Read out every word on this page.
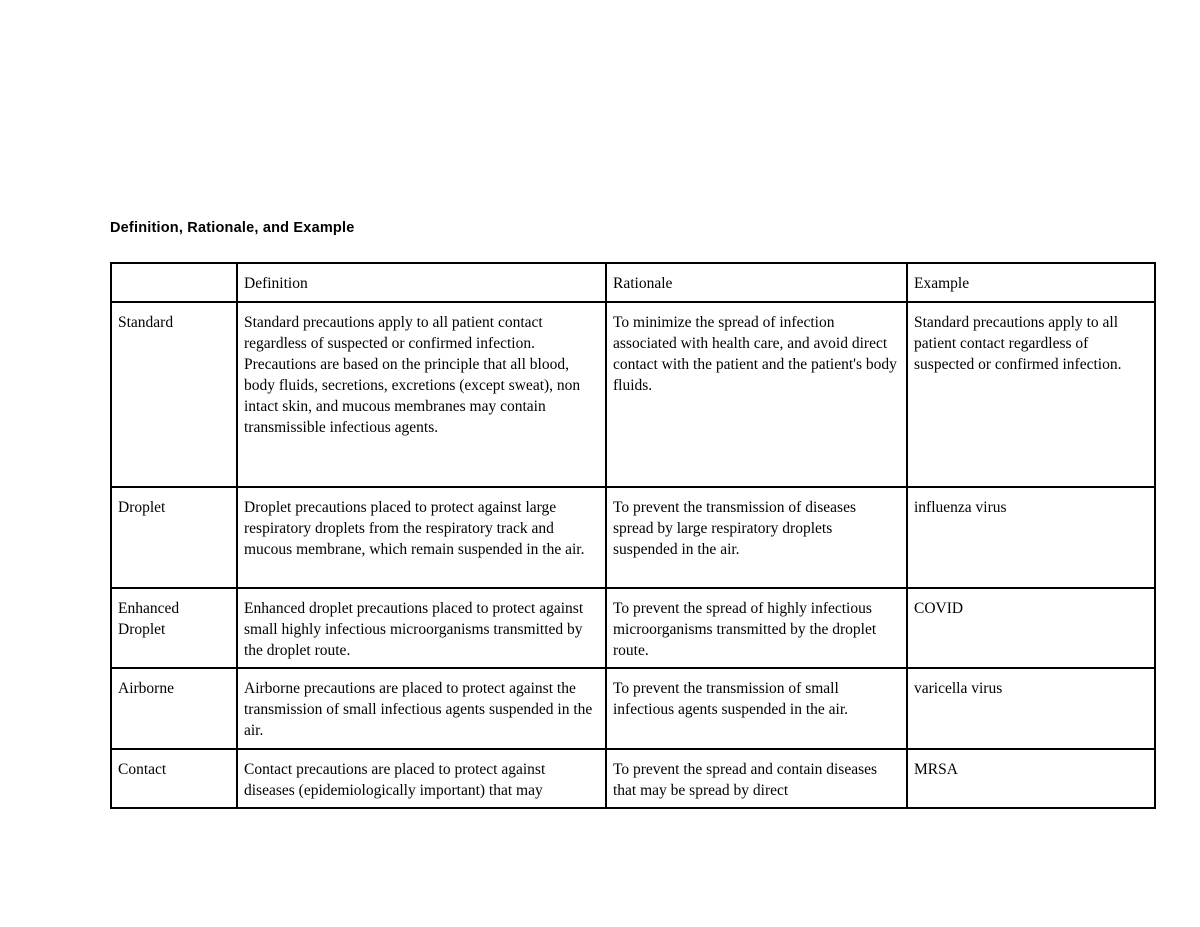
Definition, Rationale, and Example
	Definition	Rationale	Example
Standard	Standard precautions apply to all patient contact regardless of suspected or confirmed infection. Precautions are based on the principle that all blood, body fluids, secretions, excretions (except sweat), non intact skin, and mucous membranes may contain transmissible infectious agents.	To minimize the spread of infection associated with health care, and avoid direct contact with the patient and the patient's body fluids.	Standard precautions apply to all patient contact regardless of suspected or confirmed infection.
Droplet	Droplet precautions placed to protect against large respiratory droplets from the respiratory track and mucous membrane, which remain suspended in the air.	To prevent the transmission of diseases spread by large respiratory droplets suspended in the air.	influenza virus
Enhanced Droplet	Enhanced droplet precautions placed to protect against small highly infectious microorganisms transmitted by the droplet route.	To prevent the spread of highly infectious microorganisms transmitted by the droplet route.	COVID
Airborne	Airborne precautions are placed to protect against the transmission of small infectious agents suspended in the air.	To prevent the transmission of small infectious agents suspended in the air.	varicella virus
Contact	Contact precautions are placed to protect against diseases (epidemiologically important) that may	To prevent the spread and contain diseases that may be spread by direct	MRSA
